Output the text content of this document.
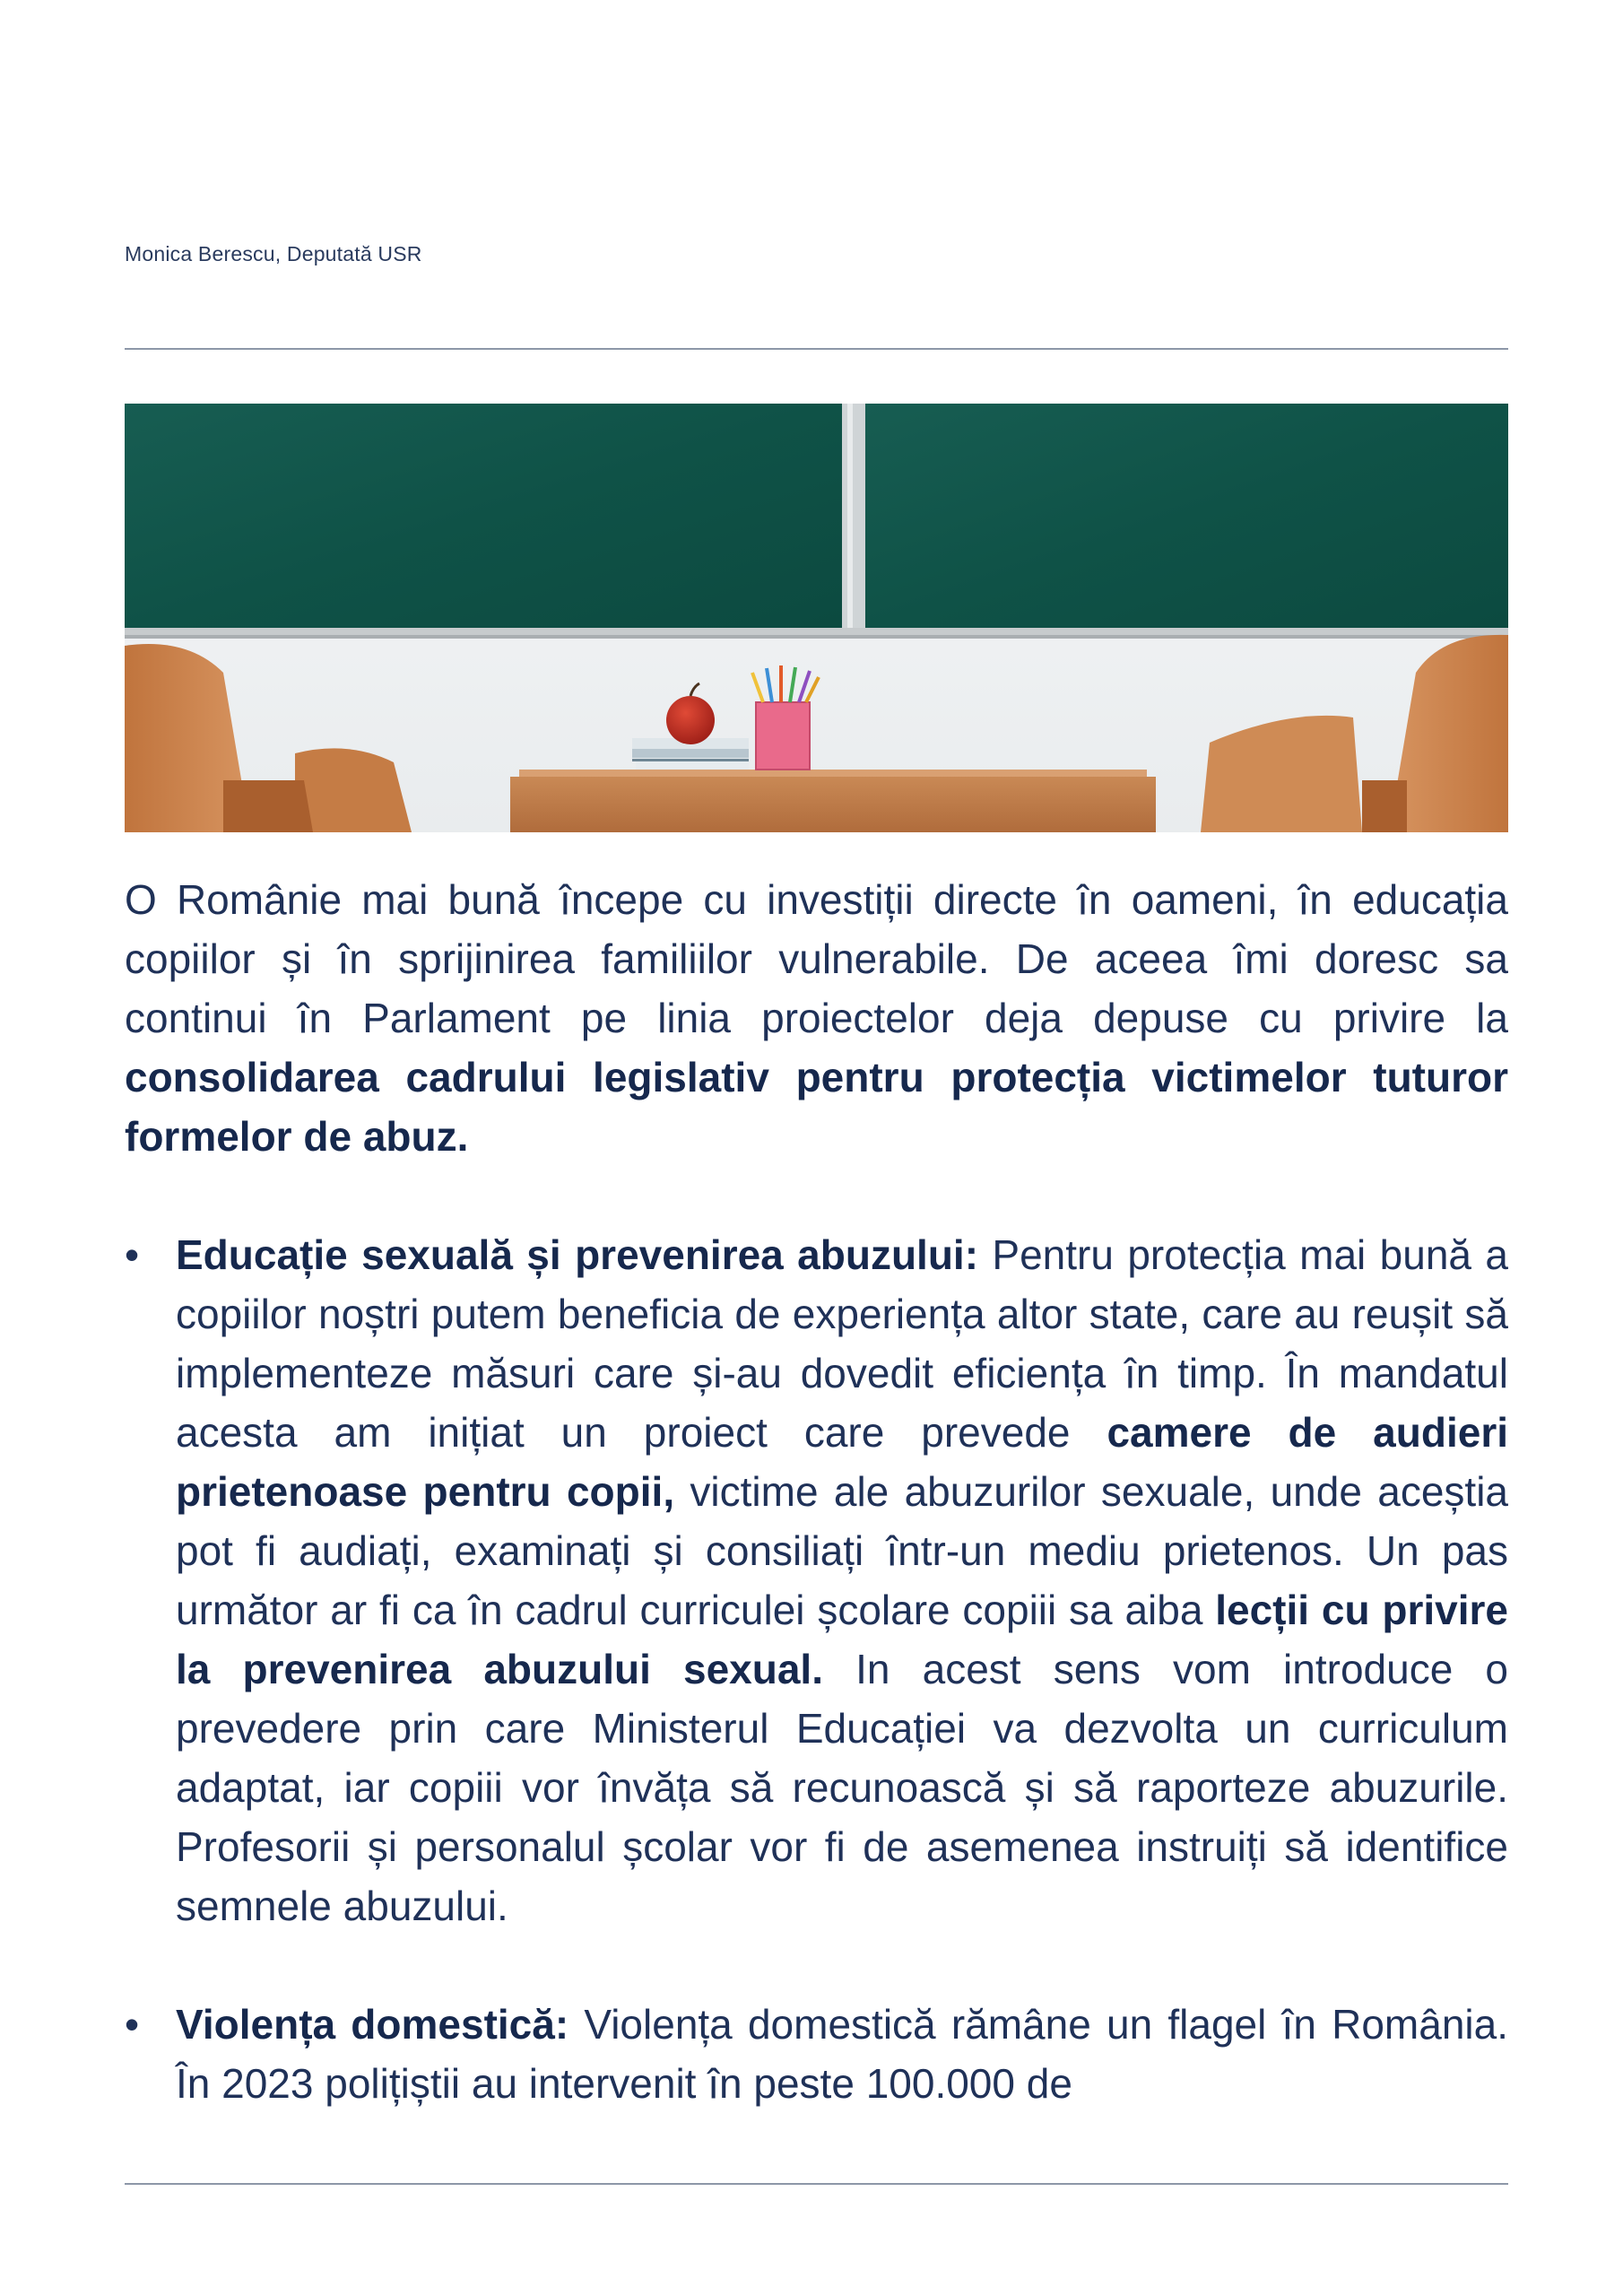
Monica Berescu, Deputată USR

O Românie mai bună începe cu investiții directe în oameni, în educația copiilor și în sprijinirea familiilor vulnerabile. De aceea îmi doresc sa continui în Parlament pe linia proiectelor deja depuse cu privire la consolidarea cadrului legislativ pentru protecția victimelor tuturor formelor de abuz.

• Educație sexuală și prevenirea abuzului: Pentru protecția mai bună a copiilor noștri putem beneficia de experiența altor state, care au reușit să implementeze măsuri care și-au dovedit eficiența în timp. În mandatul acesta am inițiat un proiect care prevede camere de audieri prietenoase pentru copii, victime ale abuzurilor sexuale, unde aceștia pot fi audiați, examinați și consiliați într-un mediu prietenos. Un pas următor ar fi ca în cadrul curriculei școlare copiii sa aiba lecții cu privire la prevenirea abuzului sexual. In acest sens vom introduce o prevedere prin care Ministerul Educației va dezvolta un curriculum adaptat, iar copiii vor învăța să recunoască și să raporteze abuzurile. Profesorii și personalul școlar vor fi de asemenea instruiți să identifice semnele abuzului.
• Violența domestică: Violența domestică rămâne un flagel în România. În 2023 polițiștii au intervenit în peste 100.000 de
